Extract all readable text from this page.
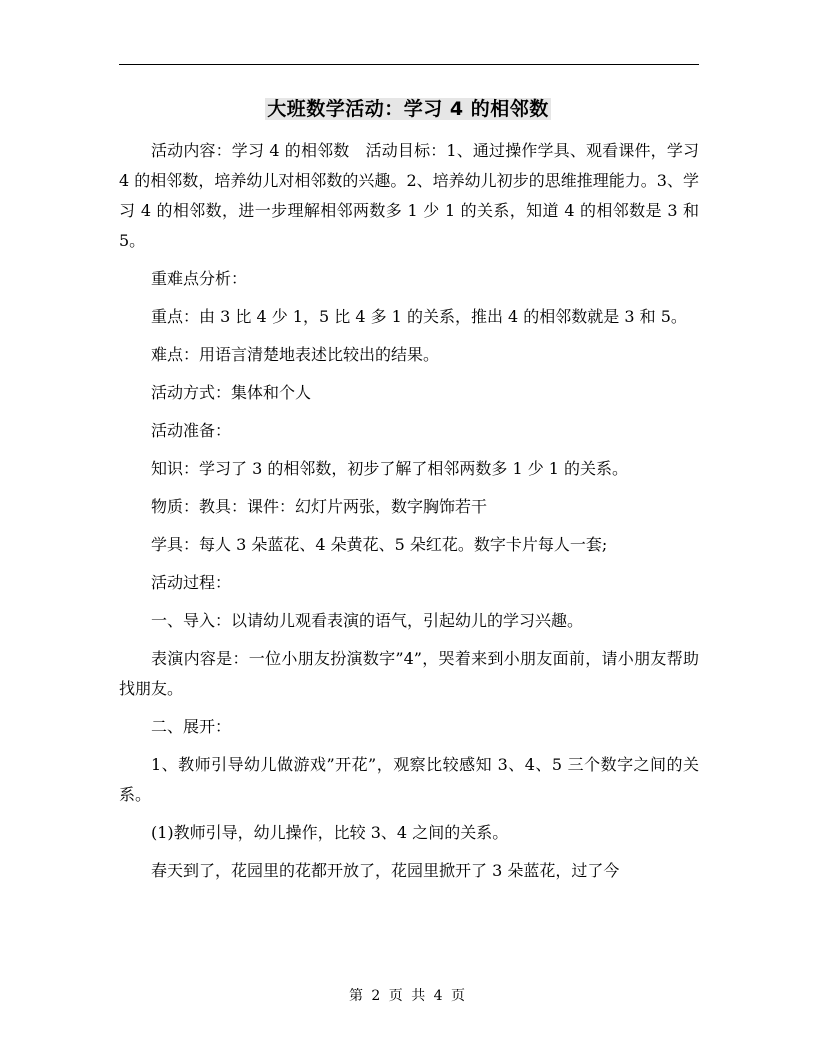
大班数学活动：学习 4 的相邻数

活动内容：学习 4 的相邻数　活动目标：1、通过操作学具、观看课件，学习 4 的相邻数，培养幼儿对相邻数的兴趣。2、培养幼儿初步的思维推理能力。3、学习 4 的相邻数，进一步理解相邻两数多 1 少 1 的关系，知道 4 的相邻数是 3 和 5。

重难点分析：

重点：由 3 比 4 少 1，5 比 4 多 1 的关系，推出 4 的相邻数就是 3 和 5。

难点：用语言清楚地表述比较出的结果。

活动方式：集体和个人

活动准备：

知识：学习了 3 的相邻数，初步了解了相邻两数多 1 少 1 的关系。

物质：教具：课件：幻灯片两张，数字胸饰若干

学具：每人 3 朵蓝花、4 朵黄花、5 朵红花。数字卡片每人一套;

活动过程：

一、导入：以请幼儿观看表演的语气，引起幼儿的学习兴趣。

表演内容是：一位小朋友扮演数字”4”，哭着来到小朋友面前，请小朋友帮助找朋友。

二、展开：

1、教师引导幼儿做游戏”开花”，观察比较感知 3、4、5 三个数字之间的关系。

(1)教师引导，幼儿操作，比较 3、4 之间的关系。

春天到了，花园里的花都开放了，花园里掀开了 3 朵蓝花，过了今

第 2 页 共 4 页
